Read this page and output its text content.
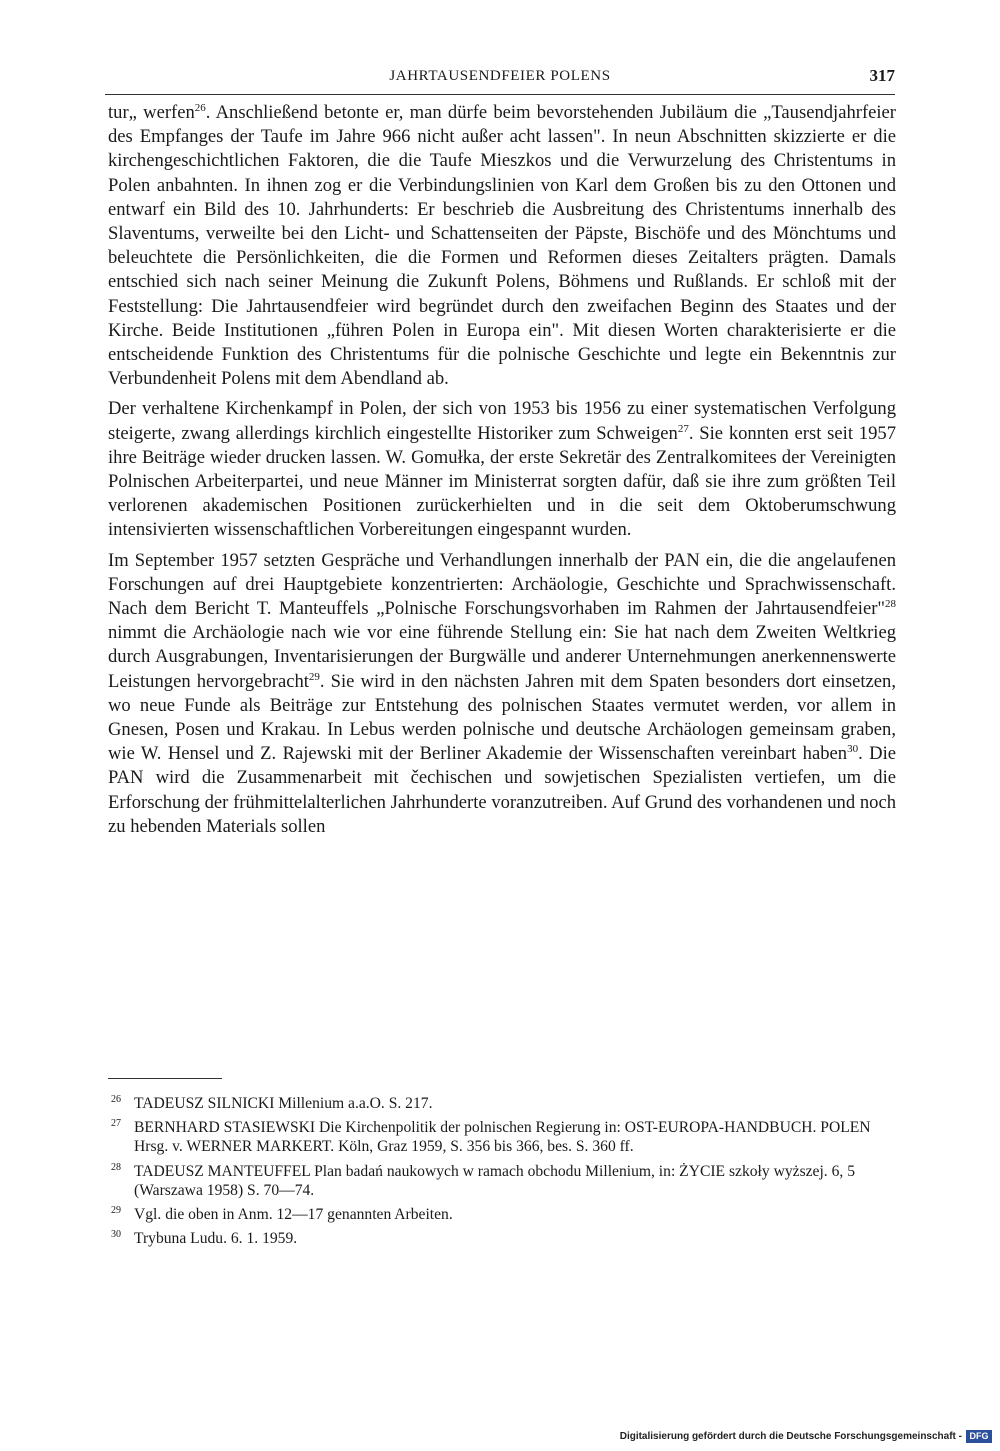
JAHRTAUSENDFEIER POLENS	317

tur„ werfen$^{26}$. Anschließend betonte er, man dürfe beim bevorstehenden Jubiläum die „Tausendjahrfeier des Empfanges der Taufe im Jahre 966 nicht außer acht lassen". In neun Abschnitten skizzierte er die kirchengeschichtlichen Faktoren, die die Taufe Mieszkos und die Verwurzelung des Christentums in Polen anbahnten. In ihnen zog er die Verbindungslinien von Karl dem Großen bis zu den Ottonen und entwarf ein Bild des 10. Jahrhunderts: Er beschrieb die Ausbreitung des Christentums innerhalb des Slaventums, verweilte bei den Licht- und Schattenseiten der Päpste, Bischöfe und des Mönchtums und beleuchtete die Persönlichkeiten, die die Formen und Reformen dieses Zeitalters prägten. Damals entschied sich nach seiner Meinung die Zukunft Polens, Böhmens und Rußlands. Er schloß mit der Feststellung: Die Jahrtausendfeier wird begründet durch den zweifachen Beginn des Staates und der Kirche. Beide Institutionen „führen Polen in Europa ein". Mit diesen Worten charakterisierte er die entscheidende Funktion des Christentums für die polnische Geschichte und legte ein Bekenntnis zur Verbundenheit Polens mit dem Abendland ab.

Der verhaltene Kirchenkampf in Polen, der sich von 1953 bis 1956 zu einer systematischen Verfolgung steigerte, zwang allerdings kirchlich eingestellte Historiker zum Schweigen$^{27}$. Sie konnten erst seit 1957 ihre Beiträge wieder drucken lassen. W. Gomułka, der erste Sekretär des Zentralkomitees der Vereinigten Polnischen Arbeiterpartei, und neue Männer im Ministerrat sorgten dafür, daß sie ihre zum größten Teil verlorenen akademischen Positionen zurückerhielten und in die seit dem Oktoberumschwung intensivierten wissenschaftlichen Vorbereitungen eingespannt wurden.

Im September 1957 setzten Gespräche und Verhandlungen innerhalb der PAN ein, die die angelaufenen Forschungen auf drei Hauptgebiete konzentrierten: Archäologie, Geschichte und Sprachwissenschaft. Nach dem Bericht T. Manteuffels „Polnische Forschungsvorhaben im Rahmen der Jahrtausendfeier"$^{28}$ nimmt die Archäologie nach wie vor eine führende Stellung ein: Sie hat nach dem Zweiten Weltkrieg durch Ausgrabungen, Inventarisierungen der Burgwälle und anderer Unternehmungen anerkennenswerte Leistungen hervorgebracht$^{29}$. Sie wird in den nächsten Jahren mit dem Spaten besonders dort einsetzen, wo neue Funde als Beiträge zur Entstehung des polnischen Staates vermutet werden, vor allem in Gnesen, Posen und Krakau. In Lebus werden polnische und deutsche Archäologen gemeinsam graben, wie W. Hensel und Z. Rajewski mit der Berliner Akademie der Wissenschaften vereinbart haben$^{30}$. Die PAN wird die Zusammenarbeit mit čechischen und sowjetischen Spezialisten vertiefen, um die Erforschung der frühmittelalterlichen Jahrhunderte voranzutreiben. Auf Grund des vorhandenen und noch zu hebenden Materials sollen

26 TADEUSZ SILNICKI Millenium a.a.O. S. 217.
27 BERNHARD STASIEWSKI Die Kirchenpolitik der polnischen Regierung in: OST-EUROPA-HANDBUCH. POLEN Hrsg. v. WERNER MARKERT. Köln, Graz 1959, S. 356 bis 366, bes. S. 360 ff.
28 TADEUSZ MANTEUFFEL Plan badań naukowych w ramach obchodu Millenium, in: ŻYCIE szkoły wyższej. 6, 5 (Warszawa 1958) S. 70—74.
29 Vgl. die oben in Anm. 12—17 genannten Arbeiten.
30 Trybuna Ludu. 6. 1. 1959.
Digitalisierung gefördert durch die Deutsche Forschungsgemeinschaft - DFG
